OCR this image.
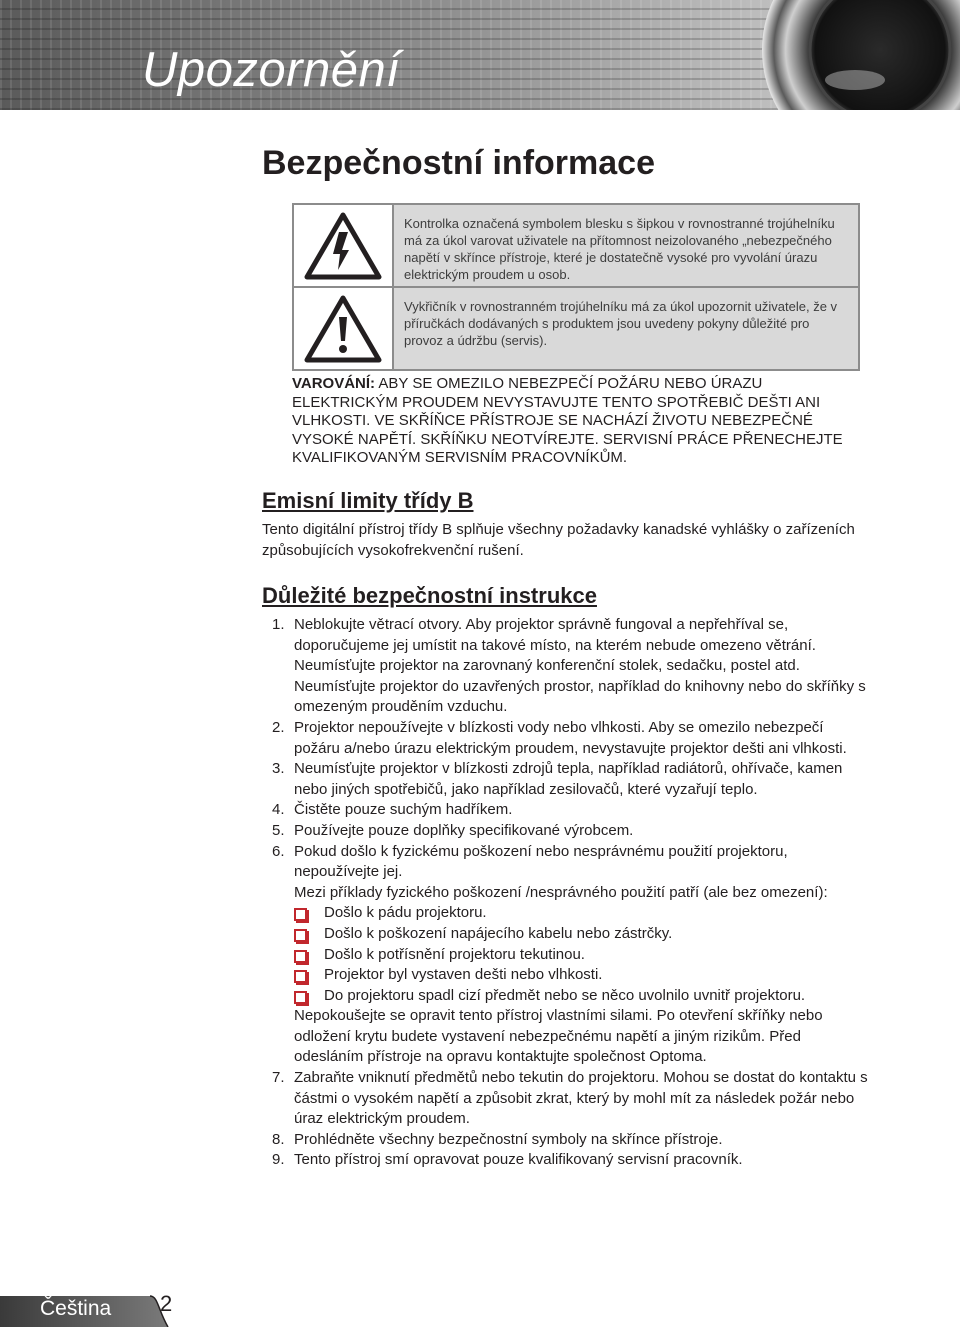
Upozornění
Bezpečnostní informace
Kontrolka označená symbolem blesku s šipkou v rovnostranné trojúhelníku má za úkol varovat uživatele na přítomnost neizolovaného „nebezpečného napětí v skřínce přístroje, které je dostatečně vysoké pro vyvolání úrazu elektrickým proudem u osob.
Vykřičník v rovnostranném trojúhelníku má za úkol upozornit uživatele, že v příručkách dodávaných s produktem jsou uvedeny pokyny důležité pro provoz a údržbu (servis).

VAROVÁNÍ: ABY SE OMEZILO NEBEZPEČÍ POŽÁRU NEBO ÚRAZU ELEKTRICKÝM PROUDEM NEVYSTAVUJTE TENTO SPOTŘEBIČ DEŠTI ANI VLHKOSTI. VE SKŘÍŇCE PŘÍSTROJE SE NACHÁZÍ ŽIVOTU NEBEZPEČNÉ VYSOKÉ NAPĚTÍ. SKŘÍŇKU NEOTVÍREJTE. SERVISNÍ PRÁCE PŘENECHEJTE KVALIFIKOVANÝM SERVISNÍM PRACOVNÍKŮM.

Emisní limity třídy B

Tento digitální přístroj třídy B splňuje všechny požadavky kanadské vyhlášky o zařízeních způsobujících vysokofrekvenční rušení.

Důležité bezpečnostní instrukce
1. Neblokujte větrací otvory. Aby projektor správně fungoval a nepřehříval se, doporučujeme jej umístit na takové místo, na kterém nebude omezeno větrání. Neumísťujte projektor na zarovnaný konferenční stolek, sedačku, postel atd. Neumísťujte projektor do uzavřených prostor, například do knihovny nebo do skříňky s omezeným prouděním vzduchu.
2. Projektor nepoužívejte v blízkosti vody nebo vlhkosti. Aby se omezilo nebezpečí požáru a/nebo úrazu elektrickým proudem, nevystavujte projektor dešti ani vlhkosti.
3. Neumísťujte projektor v blízkosti zdrojů tepla, například radiátorů, ohřívače, kamen nebo jiných spotřebičů, jako například zesilovačů, které vyzařují teplo.
4. Čistěte pouze suchým hadříkem.
5. Používejte pouze doplňky specifikované výrobcem.
6. Pokud došlo k fyzickému poškození nebo nesprávnému použití projektoru, nepoužívejte jej.
Mezi příklady fyzického poškození /nesprávného použití patří (ale bez omezení):
Došlo k pádu projektoru.
Došlo k poškození napájecího kabelu nebo zástrčky.
Došlo k potřísnění projektoru tekutinou.
Projektor byl vystaven dešti nebo vlhkosti.
Do projektoru spadl cizí předmět nebo se něco uvolnilo uvnitř projektoru.
Nepokoušejte se opravit tento přístroj vlastními silami. Po otevření skříňky nebo odložení krytu budete vystavení nebezpečnému napětí a jiným rizikům. Před odesláním přístroje na opravu kontaktujte společnost Optoma.
7. Zabraňte vniknutí předmětů nebo tekutin do projektoru. Mohou se dostat do kontaktu s částmi o vysokém napětí a způsobit zkrat, který by mohl mít za následek požár nebo úraz elektrickým proudem.
8. Prohlédněte všechny bezpečnostní symboly na skřínce přístroje.
9. Tento přístroj smí opravovat pouze kvalifikovaný servisní pracovník.

Čeština 2
